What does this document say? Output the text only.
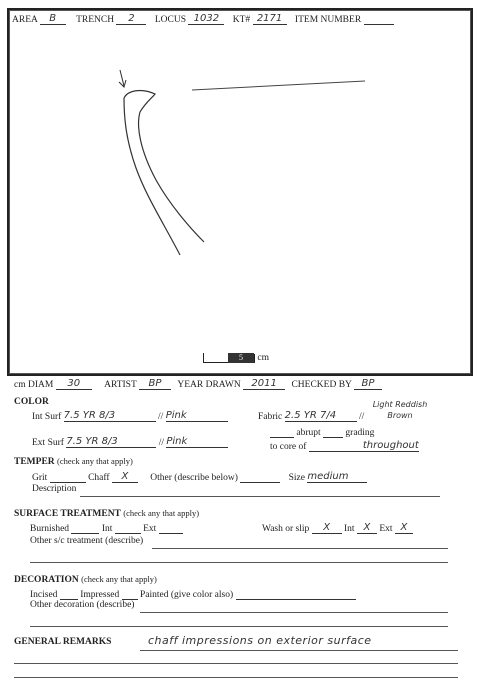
AREA B TRENCH 2 LOCUS 1032 KT# 2171 ITEM NUMBER
5 cm
cm DIAM 30	ARTIST BP YEAR DRAWN 2011 CHECKED BY BP
COLOR
Int Surf 7.5 YR 8/3	// Pink	Fabric 2.5 YR 7/4 //
Light Reddish Brown
abrupt	grading
Ext Surf 7.5 YR 8/3	// Pink	to core of	throughout
TEMPER (check any that apply)
Grit	Chaff X Other (describe below)	Size medium
Description
SURFACE TREATMENT (check any that apply)
Burnished	Int	Ext	Wash or slip X Int X Ext X
Other s/c treatment (describe)
DECORATION (check any that apply)
Incised Impressed Painted (give color also)
Other decoration (describe)
GENERAL REMARKS	chaff impressions on exterior surface
